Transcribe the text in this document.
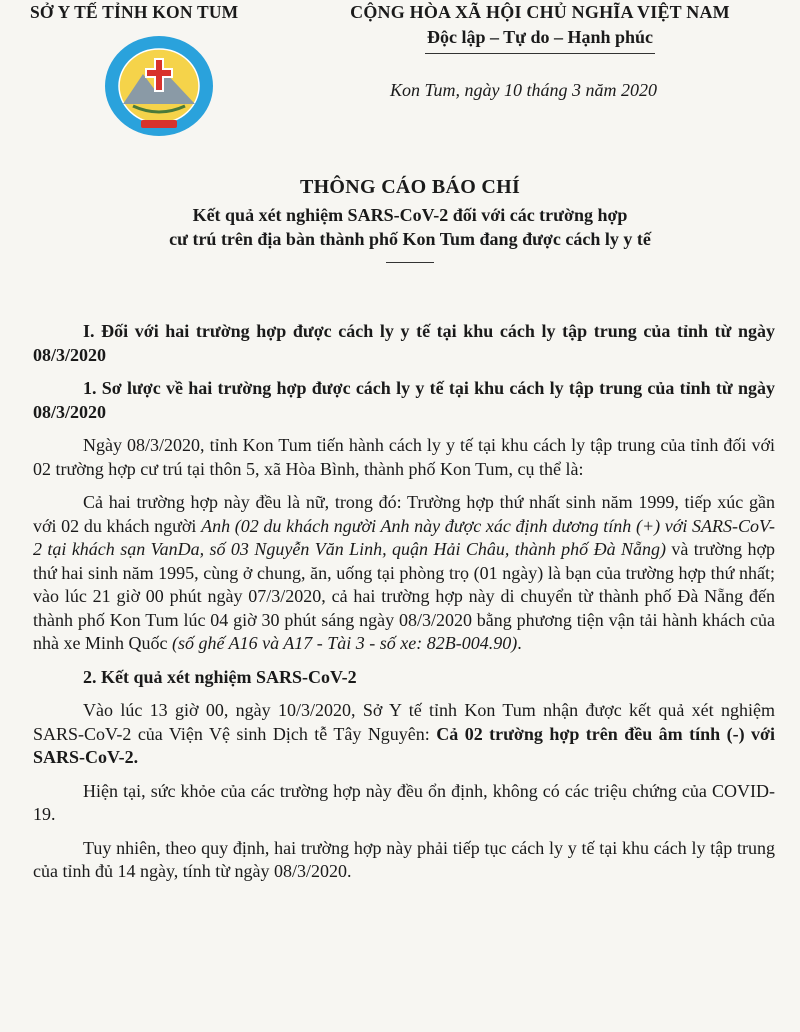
SỞ Y TẾ TỈNH KON TUM	CỘNG HÒA XÃ HỘI CHỦ NGHĨA VIỆT NAM
Độc lập – Tự do – Hạnh phúc
Kon Tum, ngày 10 tháng 3 năm 2020
THÔNG CÁO BÁO CHÍ
Kết quả xét nghiệm SARS-CoV-2 đối với các trường hợp
cư trú trên địa bàn thành phố Kon Tum đang được cách ly y tế

I. Đối với hai trường hợp được cách ly y tế tại khu cách ly tập trung của tỉnh từ ngày 08/3/2020

1. Sơ lược về hai trường hợp được cách ly y tế tại khu cách ly tập trung của tỉnh từ ngày 08/3/2020

Ngày 08/3/2020, tỉnh Kon Tum tiến hành cách ly y tế tại khu cách ly tập trung của tỉnh đối với 02 trường hợp cư trú tại thôn 5, xã Hòa Bình, thành phố Kon Tum, cụ thể là:

Cả hai trường hợp này đều là nữ, trong đó: Trường hợp thứ nhất sinh năm 1999, tiếp xúc gần với 02 du khách người Anh (02 du khách người Anh này được xác định dương tính (+) với SARS-CoV-2 tại khách sạn VanDa, số 03 Nguyễn Văn Linh, quận Hải Châu, thành phố Đà Nẵng) và trường hợp thứ hai sinh năm 1995, cùng ở chung, ăn, uống tại phòng trọ (01 ngày) là bạn của trường hợp thứ nhất; vào lúc 21 giờ 00 phút ngày 07/3/2020, cả hai trường hợp này di chuyển từ thành phố Đà Nẵng đến thành phố Kon Tum lúc 04 giờ 30 phút sáng ngày 08/3/2020 bằng phương tiện vận tải hành khách của nhà xe Minh Quốc (số ghế A16 và A17 - Tài 3 - số xe: 82B-004.90).

2. Kết quả xét nghiệm SARS-CoV-2

Vào lúc 13 giờ 00, ngày 10/3/2020, Sở Y tế tỉnh Kon Tum nhận được kết quả xét nghiệm SARS-CoV-2 của Viện Vệ sinh Dịch tễ Tây Nguyên: Cả 02 trường hợp trên đều âm tính (-) với SARS-CoV-2.

Hiện tại, sức khỏe của các trường hợp này đều ổn định, không có các triệu chứng của COVID-19.

Tuy nhiên, theo quy định, hai trường hợp này phải tiếp tục cách ly y tế tại khu cách ly tập trung của tỉnh đủ 14 ngày, tính từ ngày 08/3/2020.
